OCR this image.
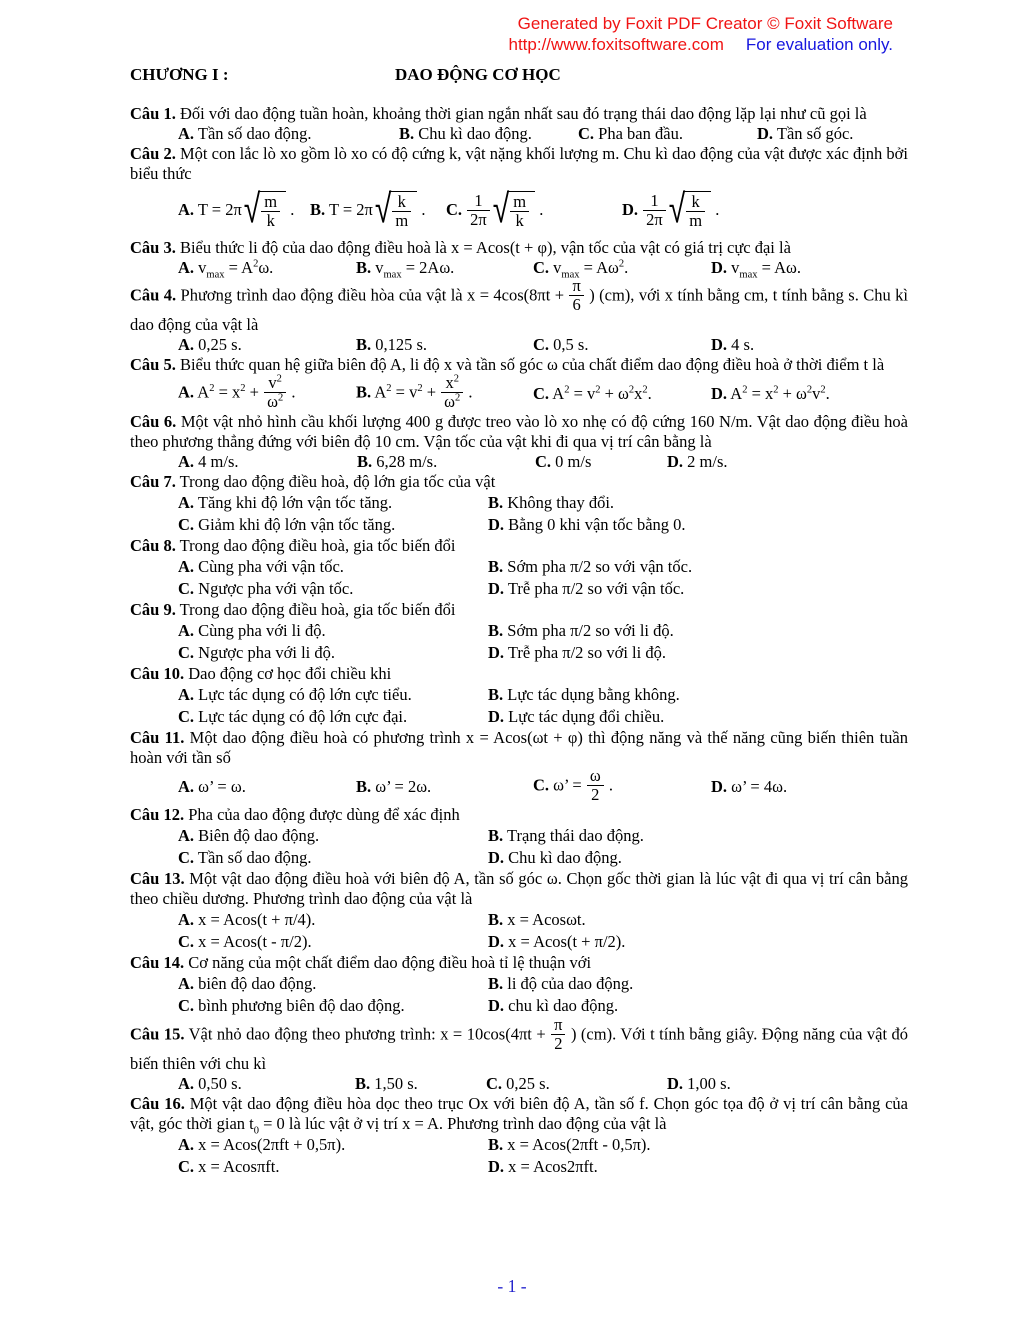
Generated by Foxit PDF Creator © Foxit Software
http://www.foxitsoftware.com For evaluation only.
CHƯƠNG I :	DAO ĐỘNG CƠ HỌC
Câu 1. Đối với dao động tuần hoàn, khoảng thời gian ngắn nhất sau đó trạng thái dao động lặp lại như cũ gọi là
A. Tần số dao động.	B. Chu kì dao động.	C. Pha ban đầu.	D. Tần số góc.
Câu 2. Một con lắc lò xo gồm lò xo có độ cứng k, vật nặng khối lượng m. Chu kì dao động của vật được xác định bởi biểu thức
A. T = 2π √ $\frac{m}{k}$ . B. T = 2π √ $\frac{k}{m}$ .	C. $\frac{1}{2\pi}$ √ $\frac{m}{k}$ .	D. $\frac{1}{2\pi}$ √ $\frac{k}{m}$ .
Câu 3. Biểu thức li độ của dao động điều hoà là x = Acos(t + φ), vận tốc của vật có giá trị cực đại là
A. $v_{max} = A^2\omega$.	B. $v_{max} = 2A\omega$.	C. $v_{max} = A\omega^2$.	D. $v_{max} = A\omega$.
Câu 4. Phương trình dao động điều hòa của vật là $x = 4\cos(8\pi t + \frac{\pi}{6}$ ) (cm), với x tính bằng cm, t tính bằng s. Chu kì dao động của vật là
A. 0,25 s.	B. 0,125 s.	C. 0,5 s.	D. 4 s.
Câu 5. Biểu thức quan hệ giữa biên độ A, li độ x và tần số góc ω của chất điểm dao động điều hoà ở thời điểm t là
A. $A^2 = x^2 + \frac{v^2}{\omega^2}$ .	B. $A^2 = v^2 + \frac{x^2}{\omega^2}$ .	C. $A^2 = v^2 + \omega^2x^2$.	D. $A^2 = x^2 + \omega^2v^2$.
Câu 6. Một vật nhỏ hình cầu khối lượng 400 g được treo vào lò xo nhẹ có độ cứng 160 N/m. Vật dao động điều hoà theo phương thẳng đứng với biên độ 10 cm. Vận tốc của vật khi đi qua vị trí cân bằng là
A. 4 m/s.	B. 6,28 m/s.	C. 0 m/s	D. 2 m/s.
Câu 7. Trong dao động điều hoà, độ lớn gia tốc của vật
A. Tăng khi độ lớn vận tốc tăng.	B. Không thay đổi.
C. Giảm khi độ lớn vận tốc tăng.	D. Bằng 0 khi vận tốc bằng 0.
Câu 8. Trong dao động điều hoà, gia tốc biến đổi
A. Cùng pha với vận tốc.	B. Sớm pha π/2 so với vận tốc.
C. Ngược pha với vận tốc.	D. Trễ pha π/2 so với vận tốc.
Câu 9. Trong dao động điều hoà, gia tốc biến đổi
A. Cùng pha với li độ.	B. Sớm pha π/2 so với li độ.
C. Ngược pha với li độ.	D. Trễ pha π/2 so với li độ.
Câu 10. Dao động cơ học đổi chiều khi
A. Lực tác dụng có độ lớn cực tiểu.	B. Lực tác dụng bằng không.
C. Lực tác dụng có độ lớn cực đại.	D. Lực tác dụng đổi chiều.
Câu 11. Một dao động điều hoà có phương trình x = Acos(ωt + φ) thì động năng và thế năng cũng biến thiên tuần hoàn với tần số
A. ω’ = ω.	B. ω’ = 2ω.	C. ω’ = $\frac{\omega}{2}$ .	D. ω’ = 4ω.
Câu 12. Pha của dao động được dùng để xác định
A. Biên độ dao động.	B. Trạng thái dao động.
C. Tần số dao động.	D. Chu kì dao động.
Câu 13. Một vật dao động điều hoà với biên độ A, tần số góc ω. Chọn gốc thời gian là lúc vật đi qua vị trí cân bằng theo chiều dương. Phương trình dao động của vật là
A. x = Acos(t + π/4).	B. x = Acosωt.
C. x = Acos(t - π/2).	D. x = Acos(t + π/2).
Câu 14. Cơ năng của một chất điểm dao động điều hoà tỉ lệ thuận với
A. biên độ dao động.	B. li độ của dao động.
C. bình phương biên độ dao động.	D. chu kì dao động.
Câu 15. Vật nhỏ dao động theo phương trình: $x = 10\cos(4\pi t + \frac{\pi}{2}$ ) (cm). Với t tính bằng giây. Động năng của vật đó biến thiên với chu kì
A. 0,50 s.	B. 1,50 s.	C. 0,25 s.	D. 1,00 s.
Câu 16. Một vật dao động điều hòa dọc theo trục Ox với biên độ A, tần số f. Chọn góc tọa độ ở vị trí cân bằng của vật, góc thời gian $t_0 = 0$ là lúc vật ở vị trí x = A. Phương trình dao động của vật là
A. x = Acos(2πft + 0,5π).	B. x = Acos(2πft - 0,5π).
C. x = Acosπft.	D. x = Acos2πft.
- 1 -
